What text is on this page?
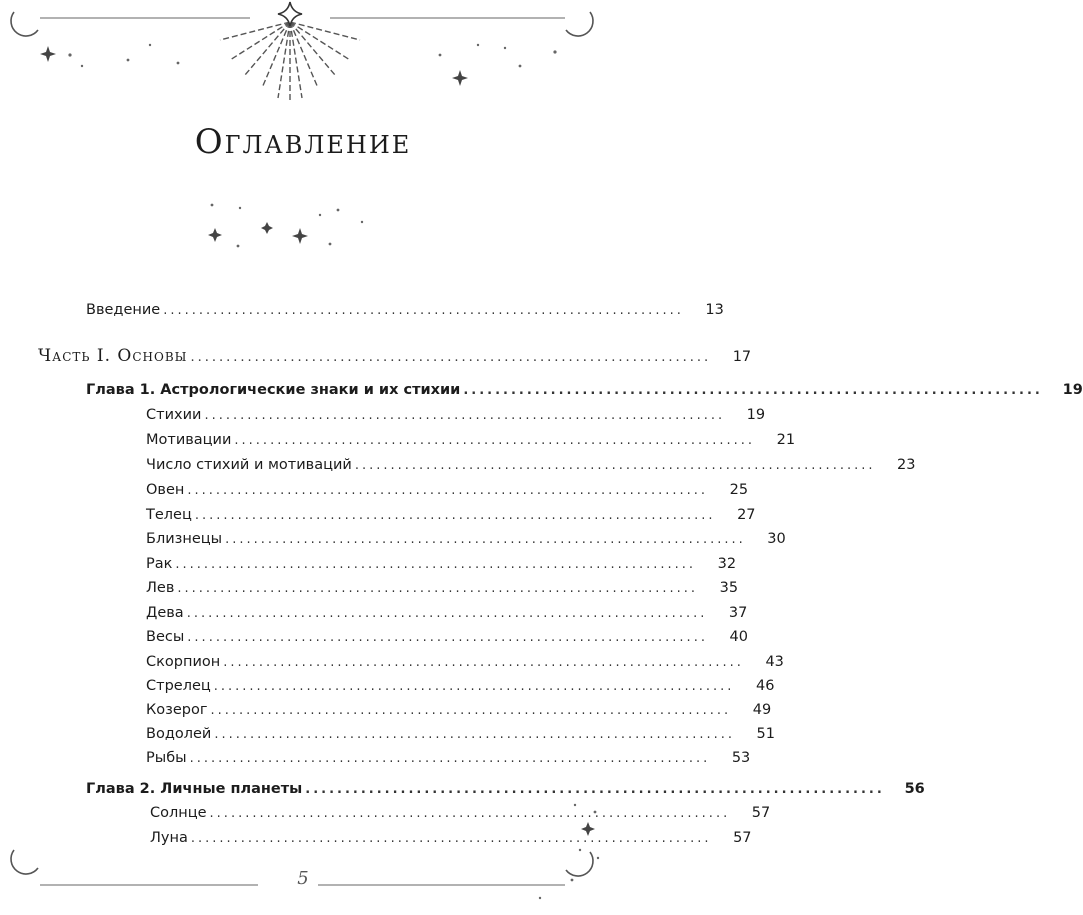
Оглавление
Введение .........................................................................	13
Часть I. Основы .........................................................................	17
Глава 1. Астрологические знаки и их стихии .........................................................................	19
Стихии .........................................................................	19
Мотивации .........................................................................	21
Число стихий и мотиваций .........................................................................	23
Овен .........................................................................	25
Телец .........................................................................	27
Близнецы .........................................................................	30
Рак .........................................................................	32
Лев .........................................................................	35
Дева .........................................................................	37
Весы .........................................................................	40
Скорпион .........................................................................	43
Стрелец .........................................................................	46
Козерог .........................................................................	49
Водолей .........................................................................	51
Рыбы .........................................................................	53
Глава 2. Личные планеты .........................................................................	56
Солнце .........................................................................	57
Луна .........................................................................	57
5
